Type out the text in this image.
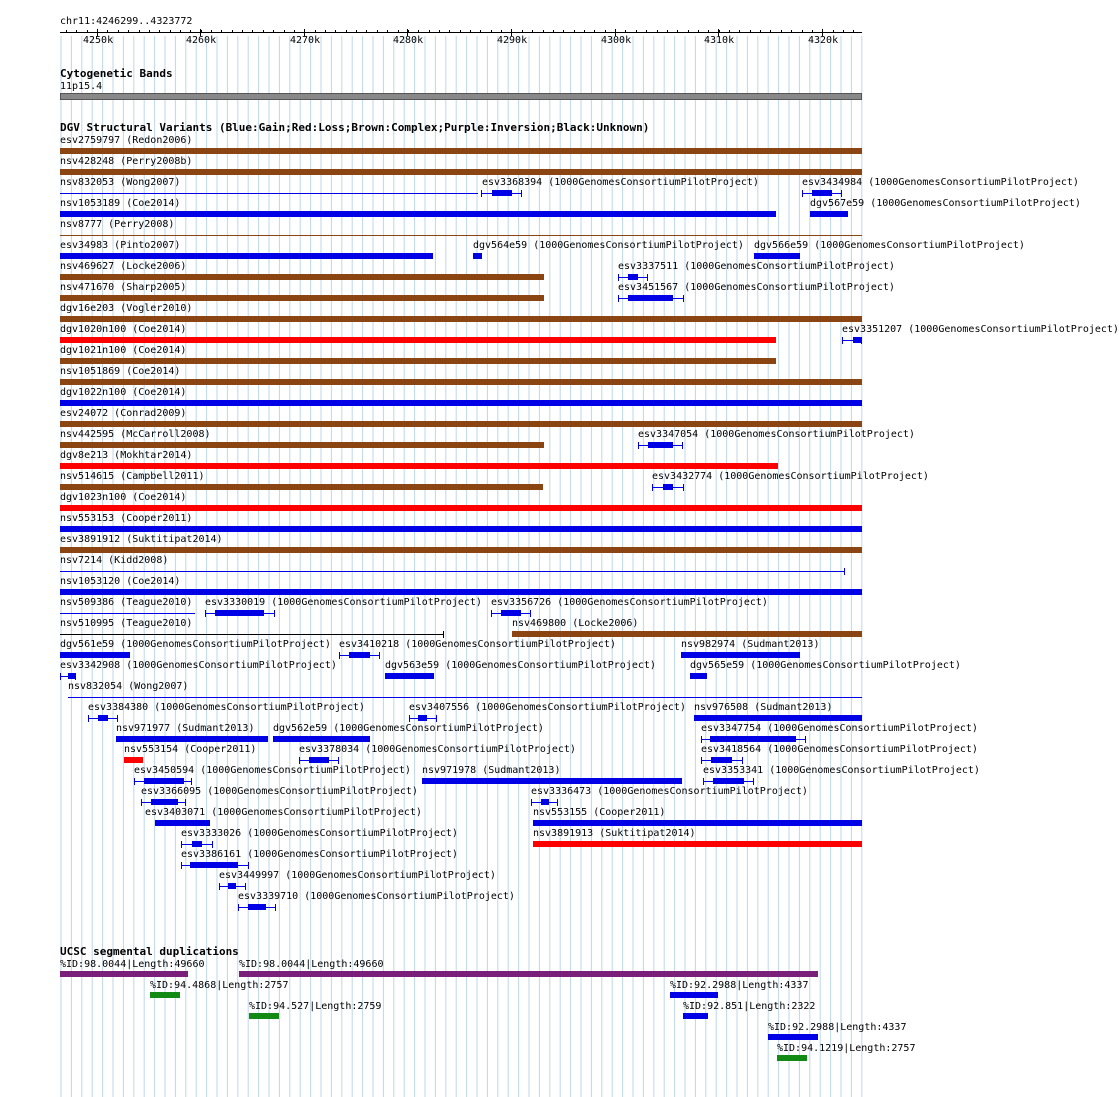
chr11:4246299..4323772
4250k	4260k	4270k	4280k	4290k	4300k	4310k	4320k
Cytogenetic Bands
11p15.4
DGV Structural Variants (Blue:Gain;Red:Loss;Brown:Complex;Purple:Inversion;Black:Unknown)
esv2759797 (Redon2006)
nsv428248 (Perry2008b)
nsv832053 (Wong2007)
nsv1053189 (Coe2014)
nsv8777 (Perry2008)
esv34983 (Pinto2007)
nsv469627 (Locke2006)
nsv471670 (Sharp2005)
dgv16e203 (Vogler2010)
dgv1020n100 (Coe2014)
dgv1021n100 (Coe2014)
nsv1051869 (Coe2014)
dgv1022n100 (Coe2014)
esv24072 (Conrad2009)
nsv442595 (McCarroll2008)
dgv8e213 (Mokhtar2014)
nsv514615 (Campbell2011)
dgv1023n100 (Coe2014)
nsv553153 (Cooper2011)
esv3891912 (Suktitipat2014)
nsv7214 (Kidd2008)
nsv1053120 (Coe2014)
nsv509386 (Teague2010)
nsv510995 (Teague2010)
dgv561e59 (1000GenomesConsortiumPilotProject)
esv3342908 (1000GenomesConsortiumPilotProject)
nsv832054 (Wong2007)
esv3384380 (1000GenomesConsortiumPilotProject)
nsv971977 (Sudmant2013)
nsv553154 (Cooper2011)
esv3450594 (1000GenomesConsortiumPilotProject)
esv3366095 (1000GenomesConsortiumPilotProject)
esv3403071 (1000GenomesConsortiumPilotProject)
esv3333026 (1000GenomesConsortiumPilotProject)
esv3386161 (1000GenomesConsortiumPilotProject)
esv3449997 (1000GenomesConsortiumPilotProject)
esv3339710 (1000GenomesConsortiumPilotProject)
esv3368394 (1000GenomesConsortiumPilotProject)	esv3434984 (1000GenomesConsortiumPilotProject)
dgv567e59 (1000GenomesConsortiumPilotProject)
dgv564e59 (1000GenomesConsortiumPilotProject) dgv566e59 (1000GenomesConsortiumPilotProject)
esv3337511 (1000GenomesConsortiumPilotProject)
esv3451567 (1000GenomesConsortiumPilotProject)
esv3351207 (1000GenomesConsortiumPilotProject)
esv3347054 (1000GenomesConsortiumPilotProject)
esv3432774 (1000GenomesConsortiumPilotProject)
esv3330019 (1000GenomesConsortiumPilotProject) esv3356726 (1000GenomesConsortiumPilotProject)
nsv469800 (Locke2006)
esv3410218 (1000GenomesConsortiumPilotProject)	nsv982974 (Sudmant2013)
dgv563e59 (1000GenomesConsortiumPilotProject)	dgv565e59 (1000GenomesConsortiumPilotProject)
esv3407556 (1000GenomesConsortiumPilotProject) nsv976508 (Sudmant2013)
dgv562e59 (1000GenomesConsortiumPilotProject)	esv3347754 (1000GenomesConsortiumPilotProject)
esv3378034 (1000GenomesConsortiumPilotProject)	esv3418564 (1000GenomesConsortiumPilotProject)
nsv971978 (Sudmant2013)	esv3353341 (1000GenomesConsortiumPilotProject)
esv3336473 (1000GenomesConsortiumPilotProject)
nsv553155 (Cooper2011)
nsv3891913 (Suktitipat2014)
UCSC segmental duplications
%ID:98.0044|Length:49660	%ID:98.0044|Length:49660
%ID:94.4868|Length:2757	%ID:92.2988|Length:4337
%ID:94.527|Length:2759	%ID:92.851|Length:2322
%ID:92.2988|Length:4337
%ID:94.1219|Length:2757
